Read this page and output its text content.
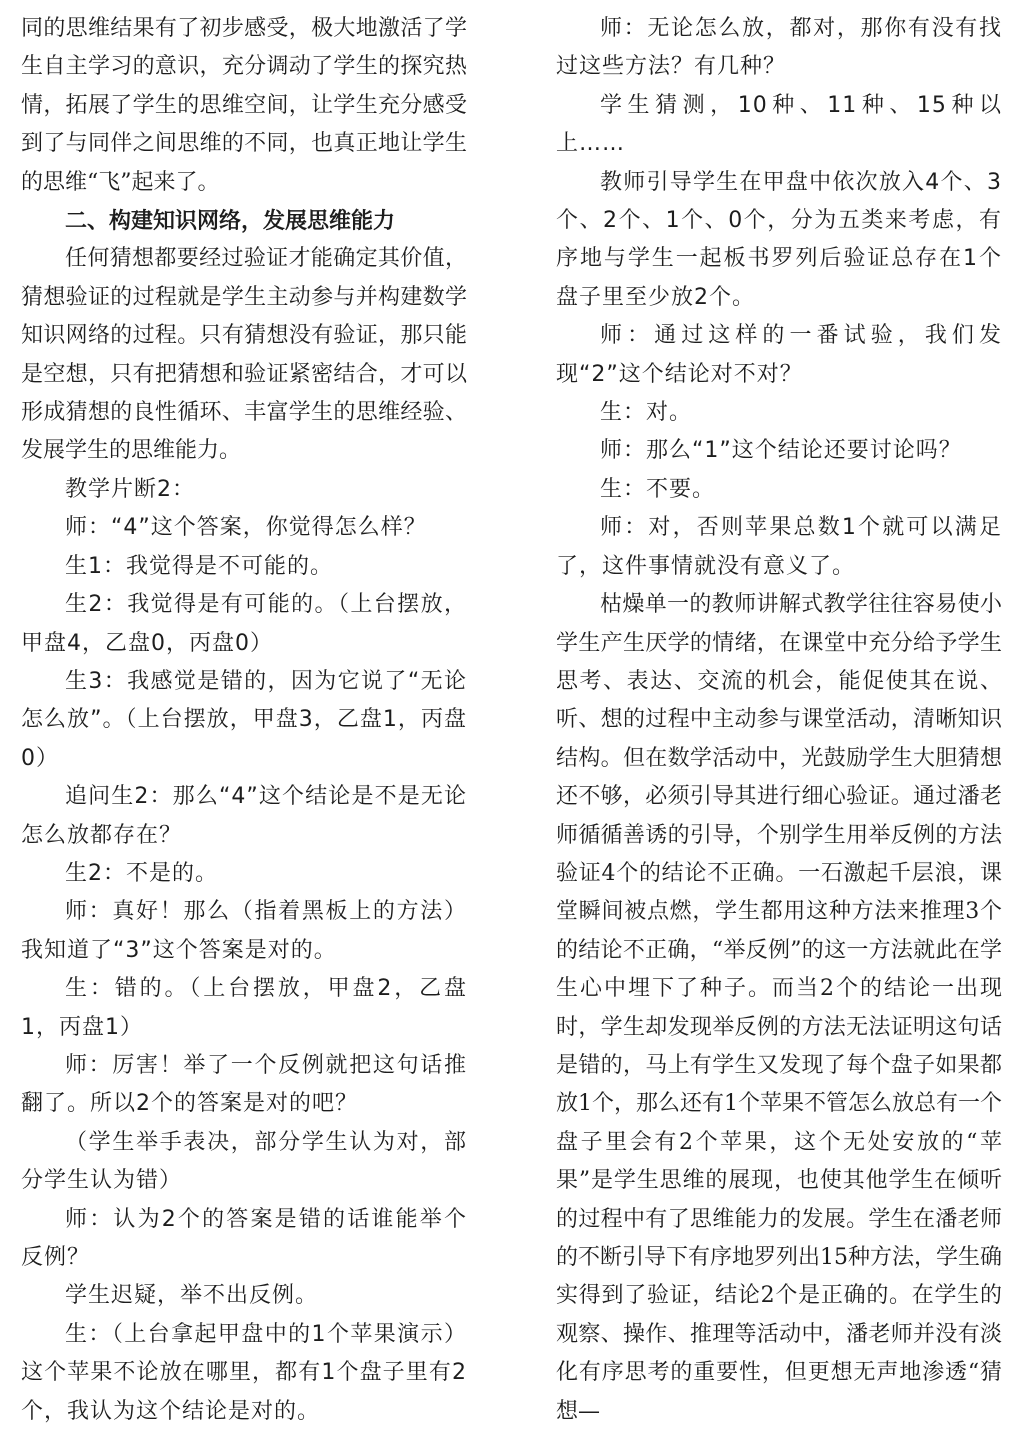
同的思维结果有了初步感受，极大地激活了学生自主学习的意识，充分调动了学生的探究热情，拓展了学生的思维空间，让学生充分感受到了与同伴之间思维的不同，也真正地让学生的思维“飞”起来了。

二、构建知识网络，发展思维能力

任何猜想都要经过验证才能确定其价值，猜想验证的过程就是学生主动参与并构建数学知识网络的过程。只有猜想没有验证，那只能是空想，只有把猜想和验证紧密结合，才可以形成猜想的良性循环、丰富学生的思维经验、发展学生的思维能力。

教学片断2：

师：“4”这个答案，你觉得怎么样？

生1：我觉得是不可能的。

生2：我觉得是有可能的。（上台摆放，甲盘4，乙盘0，丙盘0）

生3：我感觉是错的，因为它说了“无论怎么放”。（上台摆放，甲盘3，乙盘1，丙盘0）

追问生2：那么“4”这个结论是不是无论怎么放都存在？

生2：不是的。

师：真好！那么（指着黑板上的方法）我知道了“3”这个答案是对的。

生：错的。（上台摆放，甲盘2，乙盘1，丙盘1）

师：厉害！举了一个反例就把这句话推翻了。所以2个的答案是对的吧？

（学生举手表决，部分学生认为对，部分学生认为错）

师：认为2个的答案是错的话谁能举个反例？

学生迟疑，举不出反例。

生：（上台拿起甲盘中的1个苹果演示）这个苹果不论放在哪里，都有1个盘子里有2个，我认为这个结论是对的。

师：无论怎么放，都对，那你有没有找过这些方法？有几种？

学生猜测，10种、11种、15种以上……

教师引导学生在甲盘中依次放入4个、3个、2个、1个、0个，分为五类来考虑，有序地与学生一起板书罗列后验证总存在1个盘子里至少放2个。

师：通过这样的一番试验，我们发现“2”这个结论对不对？

生：对。

师：那么“1”这个结论还要讨论吗？

生：不要。

师：对，否则苹果总数1个就可以满足了，这件事情就没有意义了。

枯燥单一的教师讲解式教学往往容易使小学生产生厌学的情绪，在课堂中充分给予学生思考、表达、交流的机会，能促使其在说、听、想的过程中主动参与课堂活动，清晰知识结构。但在数学活动中，光鼓励学生大胆猜想还不够，必须引导其进行细心验证。通过潘老师循循善诱的引导，个别学生用举反例的方法验证4个的结论不正确。一石激起千层浪，课堂瞬间被点燃，学生都用这种方法来推理3个的结论不正确，“举反例”的这一方法就此在学生心中埋下了种子。而当2个的结论一出现时，学生却发现举反例的方法无法证明这句话是错的，马上有学生又发现了每个盘子如果都放1个，那么还有1个苹果不管怎么放总有一个盘子里会有2个苹果，这个无处安放的“苹果”是学生思维的展现，也使其他学生在倾听的过程中有了思维能力的发展。学生在潘老师的不断引导下有序地罗列出15种方法，学生确实得到了验证，结论2个是正确的。在学生的观察、操作、推理等活动中，潘老师并没有淡化有序思考的重要性，但更想无声地渗透“猜想—
